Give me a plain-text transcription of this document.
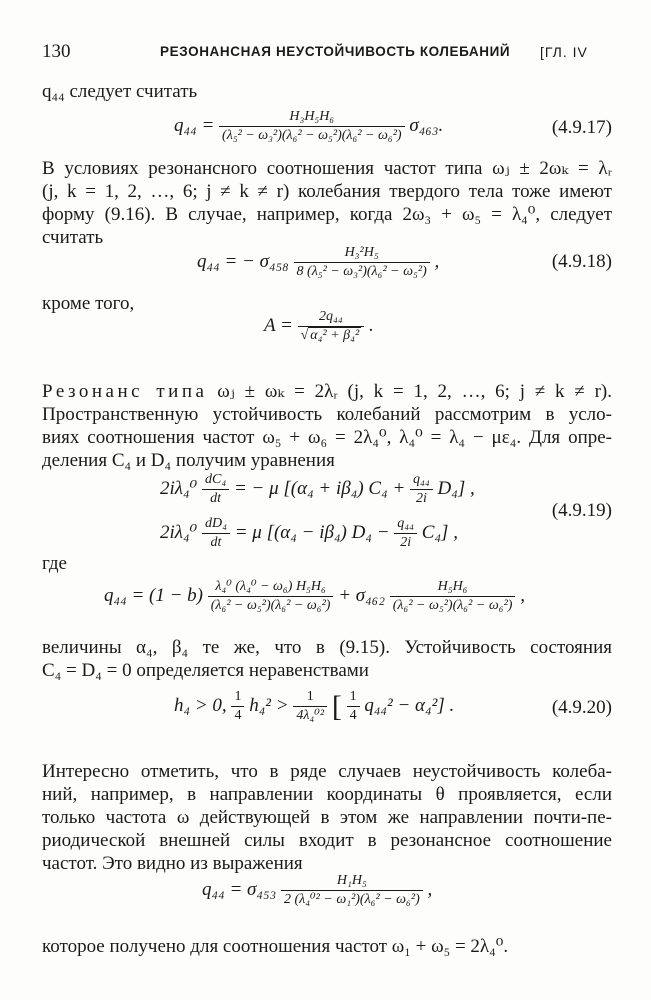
130	РЕЗОНАНСНАЯ НЕУСТОЙЧИВОСТЬ КОЛЕБАНИЙ [ГЛ. IV
q₄₄ следует считать
$q_{44} = \frac{\text{H₃H₅H₆}}{\text{(λ₅² − ω₃²)(λ₆² − ω₅²)(λ₆² − ω₆²)}} \sigma_{463}$.	(4.9.17)
В условиях резонансного соотношения частот типа ωⱼ ± 2ωₖ = λᵣ
(j, k = 1, 2, …, 6; j ≠ k ≠ r) колебания твердого тела тоже имеют
форму (9.16). В случае, например, когда 2ω₃ + ω₅ = λ₄⁰, следует
считать
q₄₄ = − $\sigma_{458} \frac{\text{H₃²H₅}}{\text{8 (λ₅² − ω₃²)(λ₆² − ω₅²)}}$ ,	(4.9.18)
кроме того,
$A = \frac{\text{2q₄₄}}{\text{√ α₄² + β₄²}}$ .
Резонанс типа ωⱼ ± ωₖ = 2λᵣ (j, k = 1, 2, …, 6; j ≠ k ≠ r).
Пространственную устойчивость колебаний рассмотрим в усло-
виях соотношения частот ω₅ + ω₆ = 2λ₄⁰, λ₄⁰ = λ₄ − με₄. Для опре-
деления C₄ и D₄ получим уравнения
$2i\lambda_4^0 \frac{\text{dC₄}}{dt}$ = − μ [(α₄ + iβ₄) $C_4 + \frac{\text{q₄₄}}{2i} D_4$] ,
$2i\lambda_4^0 \frac{\text{dD₄}}{dt} = \mu$ [(α₄ − iβ₄) $D_4 - \frac{\text{q₄₄}}{2i} C_4$] ,
(4.9.19)
где
$q_{44} = (1 - b) \frac{\text{λ₄⁰ (λ₄⁰ − ω₆) H₅H₆}}{\text{(λ₆² − ω₅²)(λ₆² − ω₆²)}} + \sigma_{462} \frac{\text{H₅H₆}}{\text{(λ₆² − ω₅²)(λ₆² − ω₆²)}}$ ,
величины α₄, β₄ те же, что в (9.15). Устойчивость состояния
C₄ = D₄ = 0 определяется неравенствами
h₄ > 0, $\frac{1}{4} h_4^2 > \frac{1}{\text{4λ₄⁰²}}$ [ $\frac{1}{4} q_{44}^2 - \alpha_4^2$] .	(4.9.20)
Интересно отметить, что в ряде случаев неустойчивость колеба-
ний, например, в направлении координаты θ проявляется, если
только частота ω действующей в этом же направлении почти-пе-
риодической внешней силы входит в резонансное соотношение
частот. Это видно из выражения
$q_{44} = \sigma_{453} \frac{\text{H₁H₅}}{\text{2 (λ₄⁰² − ω₁²)(λ₆² − ω₆²)}}$ ,
которое получено для соотношения частот ω₁ + ω₅ = 2λ₄⁰.
